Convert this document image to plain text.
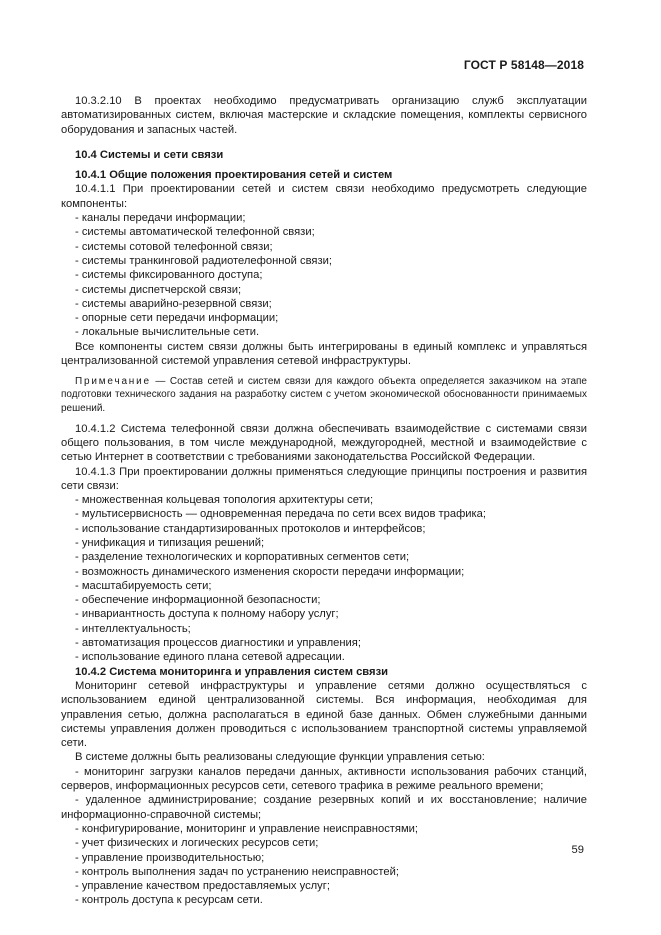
ГОСТ Р 58148—2018

10.3.2.10 В проектах необходимо предусматривать организацию служб эксплуатации автоматизированных систем, включая мастерские и складские помещения, комплекты сервисного оборудования и запасных частей.

10.4 Системы и сети связи

10.4.1 Общие положения проектирования сетей и систем

10.4.1.1 При проектировании сетей и систем связи необходимо предусмотреть следующие компоненты:

- каналы передачи информации;
- системы автоматической телефонной связи;
- системы сотовой телефонной связи;
- системы транкинговой радиотелефонной связи;
- системы фиксированного доступа;
- системы диспетчерской связи;
- системы аварийно-резервной связи;
- опорные сети передачи информации;
- локальные вычислительные сети.

Все компоненты систем связи должны быть интегрированы в единый комплекс и управляться централизованной системой управления сетевой инфраструктуры.

Примечание — Состав сетей и систем связи для каждого объекта определяется заказчиком на этапе подготовки технического задания на разработку систем с учетом экономической обоснованности принимаемых решений.

10.4.1.2 Система телефонной связи должна обеспечивать взаимодействие с системами связи общего пользования, в том числе международной, междугородней, местной и взаимодействие с сетью Интернет в соответствии с требованиями законодательства Российской Федерации.

10.4.1.3 При проектировании должны применяться следующие принципы построения и развития сети связи:

- множественная кольцевая топология архитектуры сети;
- мультисервисность — одновременная передача по сети всех видов трафика;
- использование стандартизированных протоколов и интерфейсов;
- унификация и типизация решений;
- разделение технологических и корпоративных сегментов сети;
- возможность динамического изменения скорости передачи информации;
- масштабируемость сети;
- обеспечение информационной безопасности;
- инвариантность доступа к полному набору услуг;
- интеллектуальность;
- автоматизация процессов диагностики и управления;
- использование единого плана сетевой адресации.

10.4.2 Система мониторинга и управления систем связи

Мониторинг сетевой инфраструктуры и управление сетями должно осуществляться с использованием единой централизованной системы. Вся информация, необходимая для управления сетью, должна располагаться в единой базе данных. Обмен служебными данными системы управления должен проводиться с использованием транспортной системы управляемой сети.

В системе должны быть реализованы следующие функции управления сетью:

- мониторинг загрузки каналов передачи данных, активности использования рабочих станций, серверов, информационных ресурсов сети, сетевого трафика в режиме реального времени;

- удаленное администрирование; создание резервных копий и их восстановление; наличие информационно-справочной системы;

- конфигурирование, мониторинг и управление неисправностями;
- учет физических и логических ресурсов сети;
- управление производительностью;
- контроль выполнения задач по устранению неисправностей;
- управление качеством предоставляемых услуг;
- контроль доступа к ресурсам сети.
59
